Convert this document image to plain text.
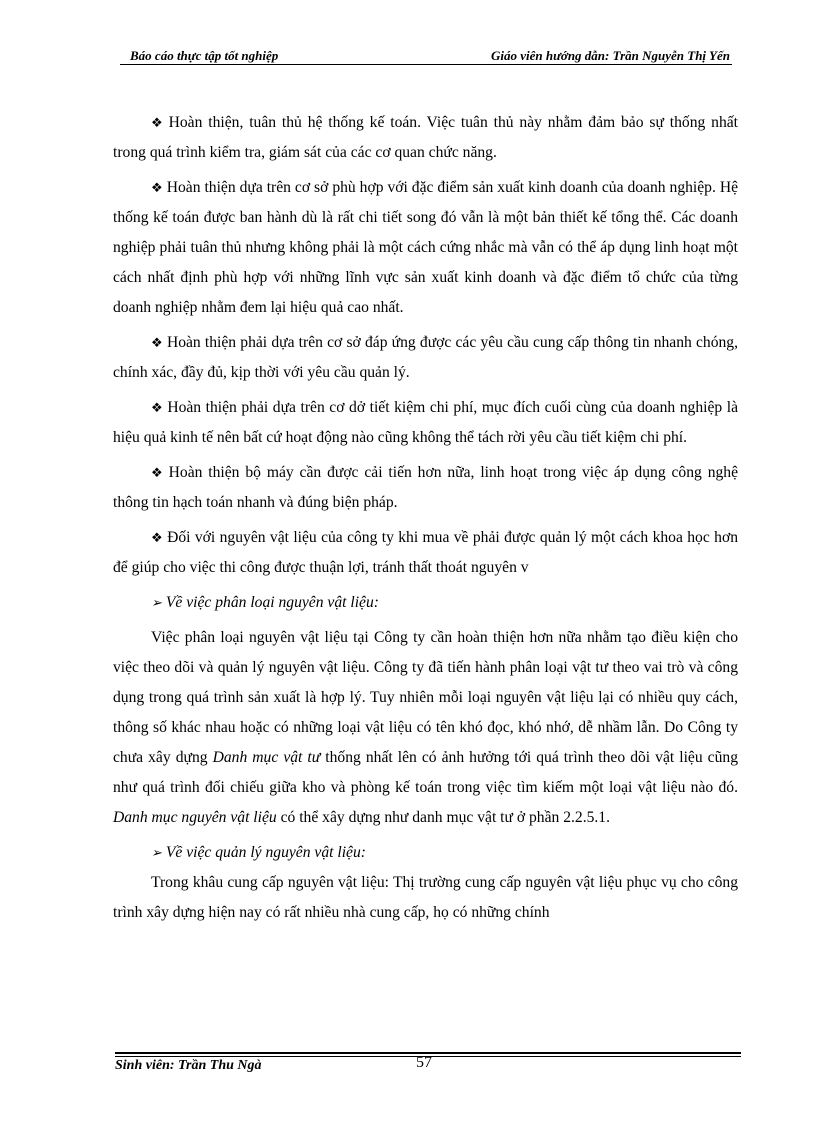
Báo cáo thực tập tốt nghiệp	Giáo viên hướng dẫn: Trần Nguyễn Thị Yến

❖ Hoàn thiện, tuân thủ hệ thống kế toán. Việc tuân thủ này nhằm đảm bảo sự thống nhất trong quá trình kiểm tra, giám sát của các cơ quan chức năng.

❖ Hoàn thiện dựa trên cơ sở phù hợp với đặc điểm sản xuất kinh doanh của doanh nghiệp. Hệ thống kế toán được ban hành dù là rất chi tiết song đó vẫn là một bản thiết kế tổng thể. Các doanh nghiệp phải tuân thủ nhưng không phải là một cách cứng nhắc mà vẫn có thể áp dụng linh hoạt một cách nhất định phù hợp với những lĩnh vực sản xuất kinh doanh và đặc điểm tổ chức của từng doanh nghiệp nhằm đem lại hiệu quả cao nhất.

❖ Hoàn thiện phải dựa trên cơ sở đáp ứng được các yêu cầu cung cấp thông tin nhanh chóng, chính xác, đầy đủ, kịp thời với yêu cầu quản lý.

❖ Hoàn thiện phải dựa trên cơ dở tiết kiệm chi phí, mục đích cuối cùng của doanh nghiệp là hiệu quả kinh tế nên bất cứ hoạt động nào cũng không thể tách rời yêu cầu tiết kiệm chi phí.

❖ Hoàn thiện bộ máy cần được cải tiến hơn nữa, linh hoạt trong việc áp dụng công nghệ thông tin hạch toán nhanh và đúng biện pháp.

❖ Đối với nguyên vật liệu của công ty khi mua về phải được quản lý một cách khoa học hơn để giúp cho việc thi công được thuận lợi, tránh thất thoát nguyên v

➢ Về việc phân loại nguyên vật liệu:

Việc phân loại nguyên vật liệu tại Công ty cần hoàn thiện hơn nữa nhằm tạo điều kiện cho việc theo dõi và quản lý nguyên vật liệu. Công ty đã tiến hành phân loại vật tư theo vai trò và công dụng trong quá trình sản xuất là hợp lý. Tuy nhiên mỗi loại nguyên vật liệu lại có nhiều quy cách, thông số khác nhau hoặc có những loại vật liệu có tên khó đọc, khó nhớ, dễ nhầm lẫn. Do Công ty chưa xây dựng Danh mục vật tư thống nhất lên có ảnh hưởng tới quá trình theo dõi vật liệu cũng như quá trình đối chiếu giữa kho và phòng kế toán trong việc tìm kiếm một loại vật liệu nào đó. Danh mục nguyên vật liệu có thể xây dựng như danh mục vật tư ở phần 2.2.5.1.

➢ Về việc quản lý nguyên vật liệu:

Trong khâu cung cấp nguyên vật liệu: Thị trường cung cấp nguyên vật liệu phục vụ cho công trình xây dựng hiện nay có rất nhiều nhà cung cấp, họ có những chính

Sinh viên: Trần Thu Ngà	57
